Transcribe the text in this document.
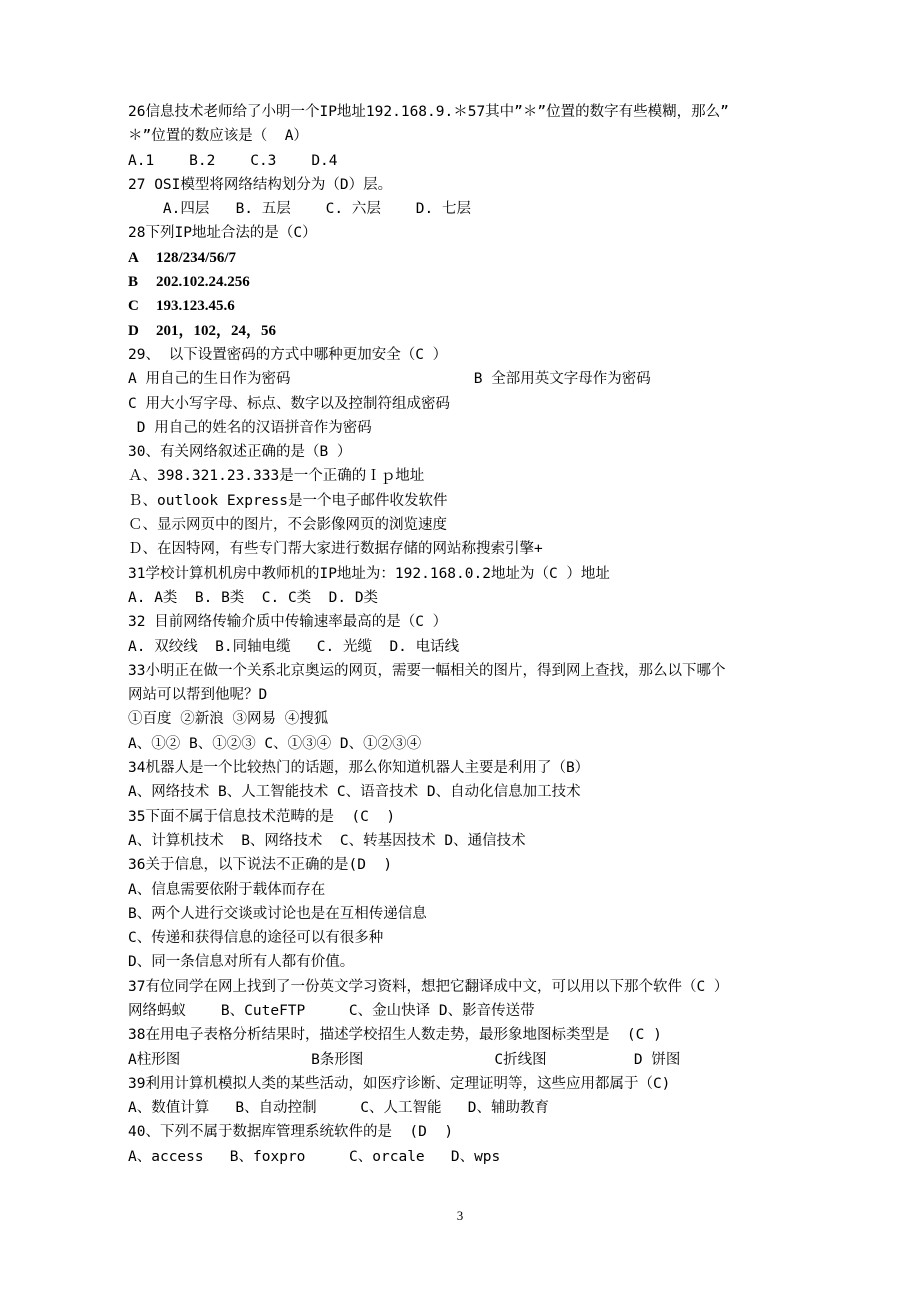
26信息技术老师给了小明一个IP地址192.168.9.＊57其中”＊”位置的数字有些模糊，那么”
＊”位置的数应该是（  A）
A.1    B.2    C.3    D.4
27 OSI模型将网络结构划分为（D）层。
A.四层   B. 五层    C. 六层    D. 七层
28下列IP地址合法的是（C）
A 128/234/56/7
B 202.102.24.256
C 193.123.45.6
D 201，102，24，56
29、 以下设置密码的方式中哪种更加安全（C ）
A 用自己的生日作为密码                     B 全部用英文字母作为密码
C 用大小写字母、标点、数字以及控制符组成密码
D 用自己的姓名的汉语拼音作为密码
30、有关网络叙述正确的是（B ）
Ａ、398.321.23.333是一个正确的Ｉｐ地址
Ｂ、outlook Express是一个电子邮件收发软件
Ｃ、显示网页中的图片，不会影像网页的浏览速度
Ｄ、在因特网，有些专门帮大家进行数据存储的网站称搜索引擎+
31学校计算机机房中教师机的IP地址为：192.168.0.2地址为（C ）地址
A. A类  B. B类  C. C类  D. D类
32 目前网络传输介质中传输速率最高的是（C ）
A. 双绞线  B.同轴电缆   C. 光缆  D. 电话线
33小明正在做一个关系北京奥运的网页，需要一幅相关的图片，得到网上查找，那么以下哪个
网站可以帮到他呢？D
①百度 ②新浪 ③网易 ④搜狐
A、①② B、①②③ C、①③④ D、①②③④
34机器人是一个比较热门的话题，那么你知道机器人主要是利用了（B）
A、网络技术 B、人工智能技术 C、语音技术 D、自动化信息加工技术
35下面不属于信息技术范畴的是  (C  )
A、计算机技术  B、网络技术  C、转基因技术 D、通信技术
36关于信息，以下说法不正确的是(D  )
A、信息需要依附于载体而存在
B、两个人进行交谈或讨论也是在互相传递信息
C、传递和获得信息的途径可以有很多种
D、同一条信息对所有人都有价值。
37有位同学在网上找到了一份英文学习资料，想把它翻译成中文，可以用以下那个软件（C ）
网络蚂蚁    B、CuteFTP     C、金山快译 D、影音传送带
38在用电子表格分析结果时，描述学校招生人数走势，最形象地图标类型是  (C )
A柱形图               B条形图               C折线图          D 饼图
39利用计算机模拟人类的某些活动，如医疗诊断、定理证明等，这些应用都属于（C)
A、数值计算   B、自动控制     C、人工智能   D、辅助教育
40、下列不属于数据库管理系统软件的是  (D  )
A、access   B、foxpro     C、orcale   D、wps
3
